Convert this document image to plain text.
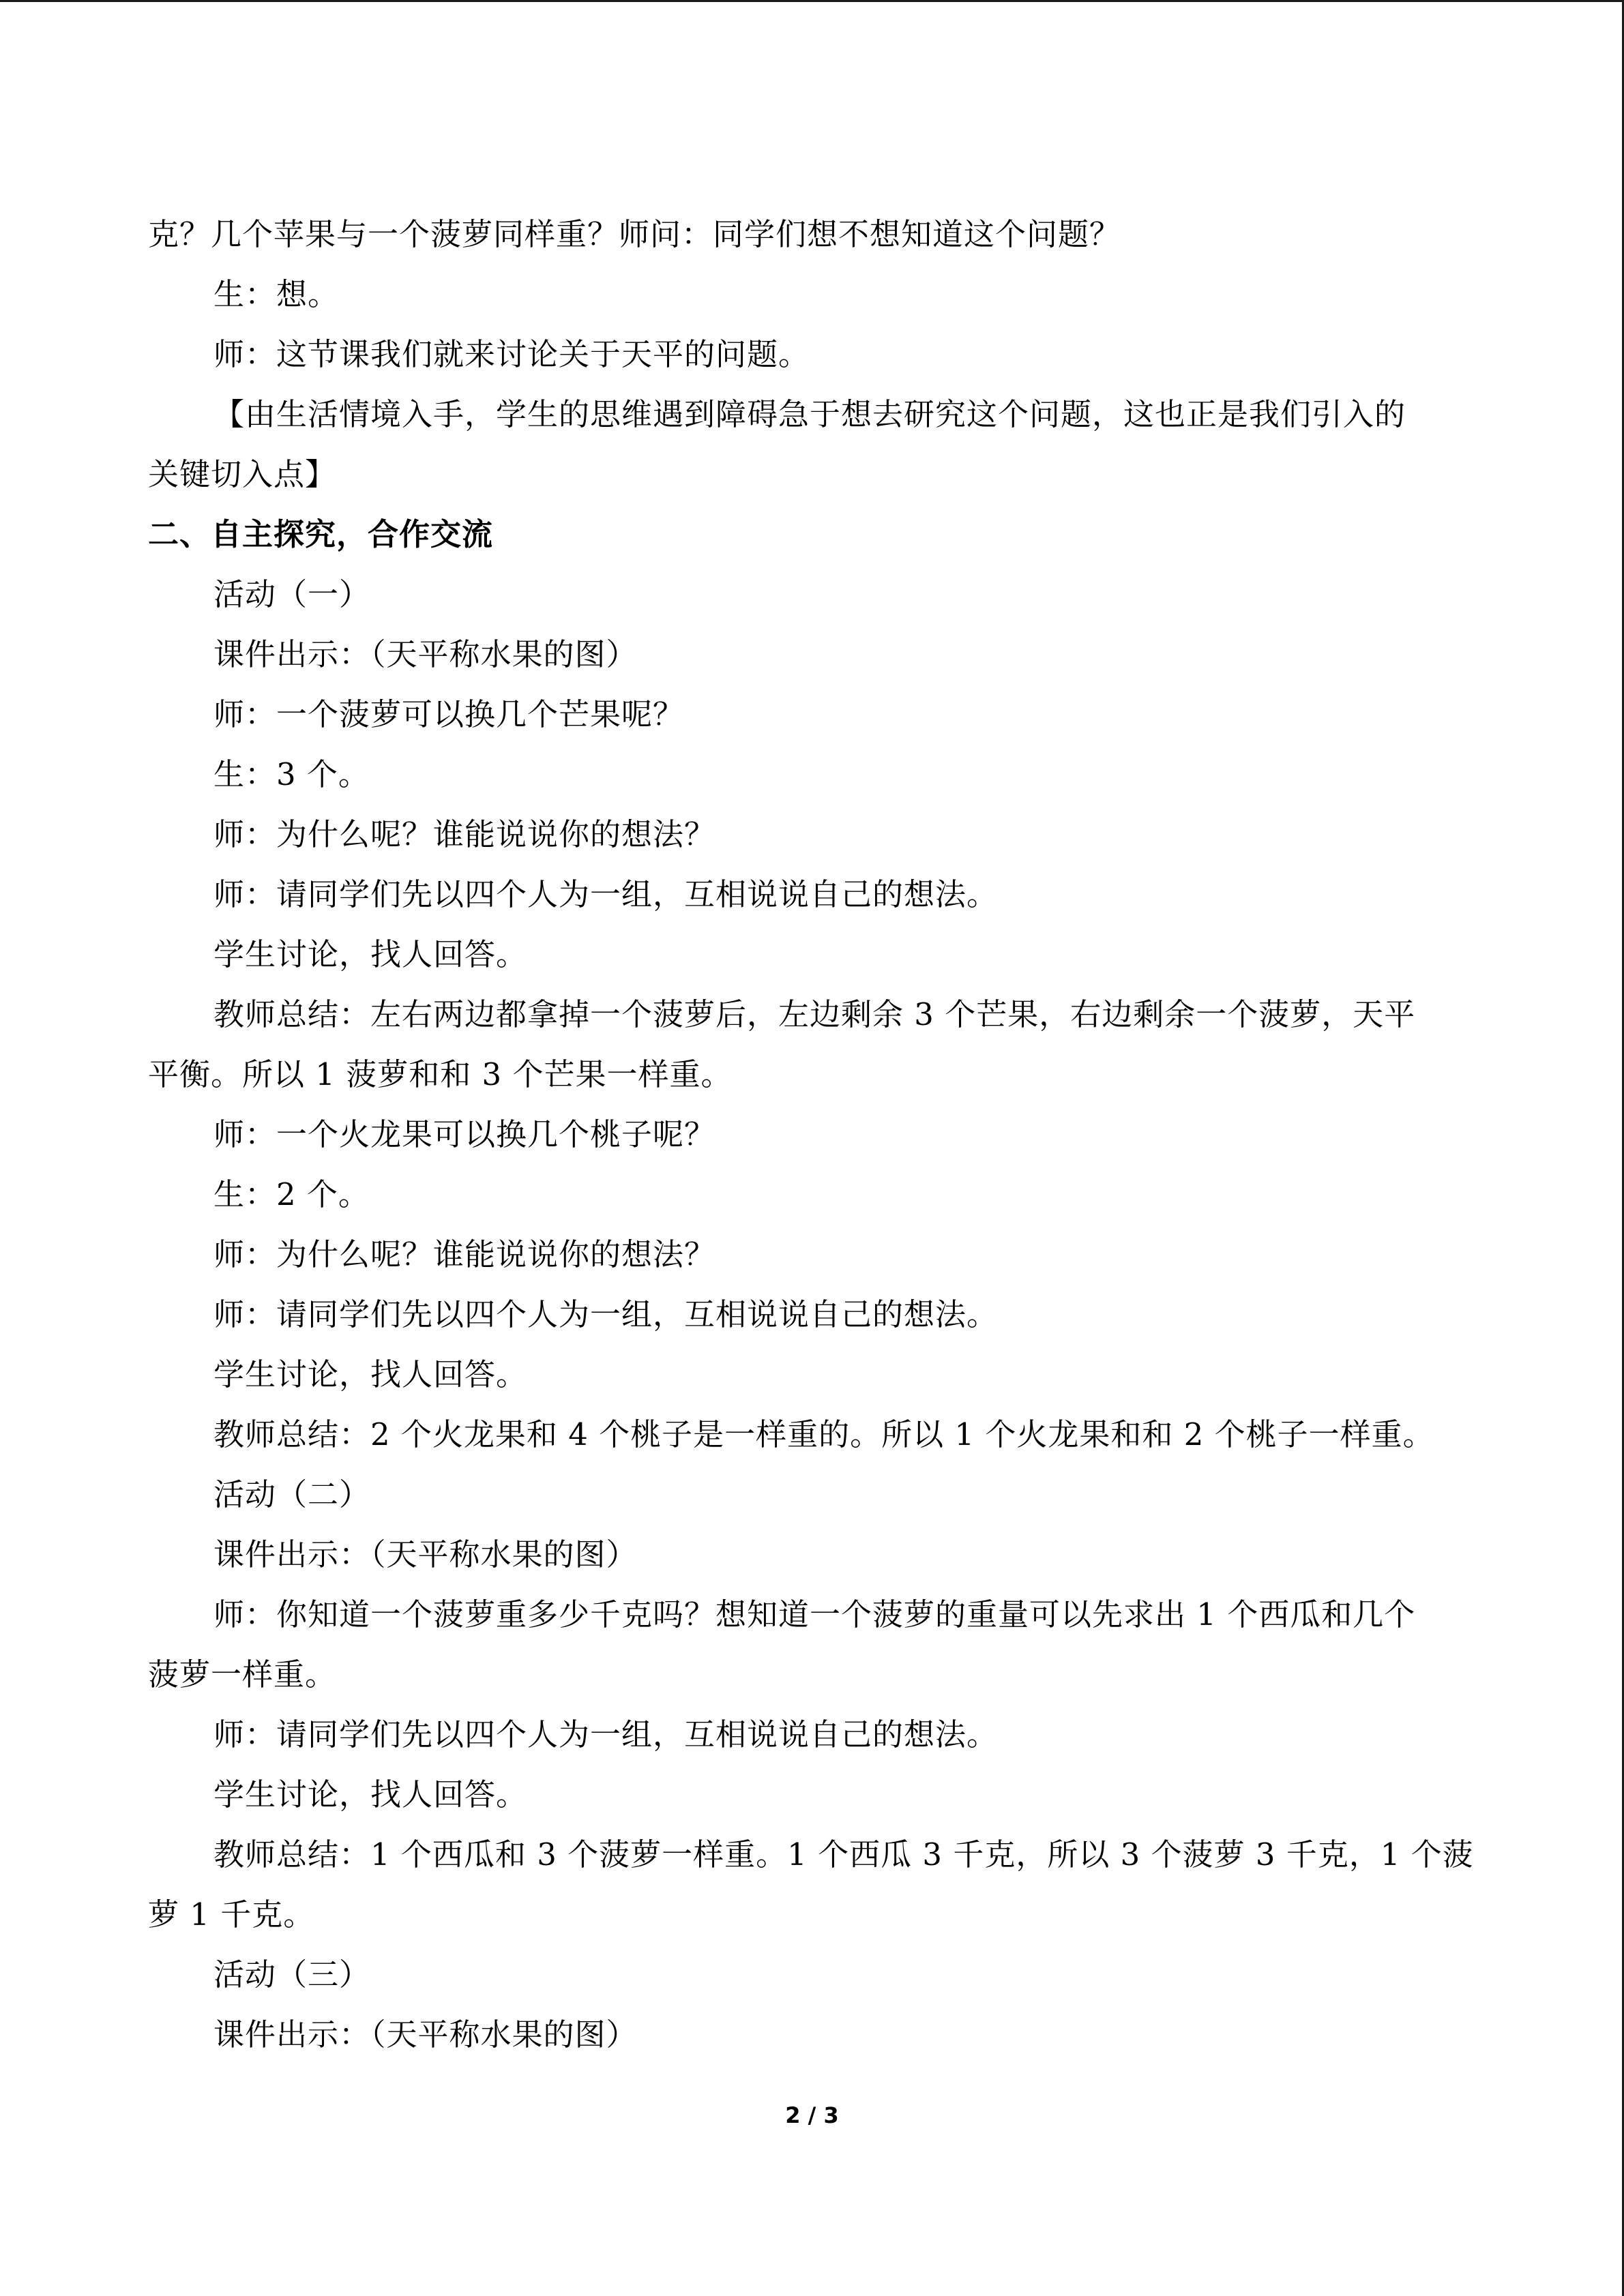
克？几个苹果与一个菠萝同样重？师问：同学们想不想知道这个问题？
生：想。
师：这节课我们就来讨论关于天平的问题。
【由生活情境入手，学生的思维遇到障碍急于想去研究这个问题，这也正是我们引入的
关键切入点】
二、自主探究，合作交流
活动（一）
课件出示：（天平称水果的图）
师：一个菠萝可以换几个芒果呢？
生：3 个。
师：为什么呢？谁能说说你的想法？
师：请同学们先以四个人为一组，互相说说自己的想法。
学生讨论，找人回答。
教师总结：左右两边都拿掉一个菠萝后，左边剩余 3 个芒果，右边剩余一个菠萝，天平
平衡。所以 1 菠萝和和 3 个芒果一样重。
师：一个火龙果可以换几个桃子呢？
生：2 个。
师：为什么呢？谁能说说你的想法？
师：请同学们先以四个人为一组，互相说说自己的想法。
学生讨论，找人回答。
教师总结：2 个火龙果和 4 个桃子是一样重的。所以 1 个火龙果和和 2 个桃子一样重。
活动（二）
课件出示：（天平称水果的图）
师：你知道一个菠萝重多少千克吗？想知道一个菠萝的重量可以先求出 1 个西瓜和几个
菠萝一样重。
师：请同学们先以四个人为一组，互相说说自己的想法。
学生讨论，找人回答。
教师总结：1 个西瓜和 3 个菠萝一样重。1 个西瓜 3 千克，所以 3 个菠萝 3 千克，1 个菠
萝 1 千克。
活动（三）
课件出示：（天平称水果的图）
2 / 3
